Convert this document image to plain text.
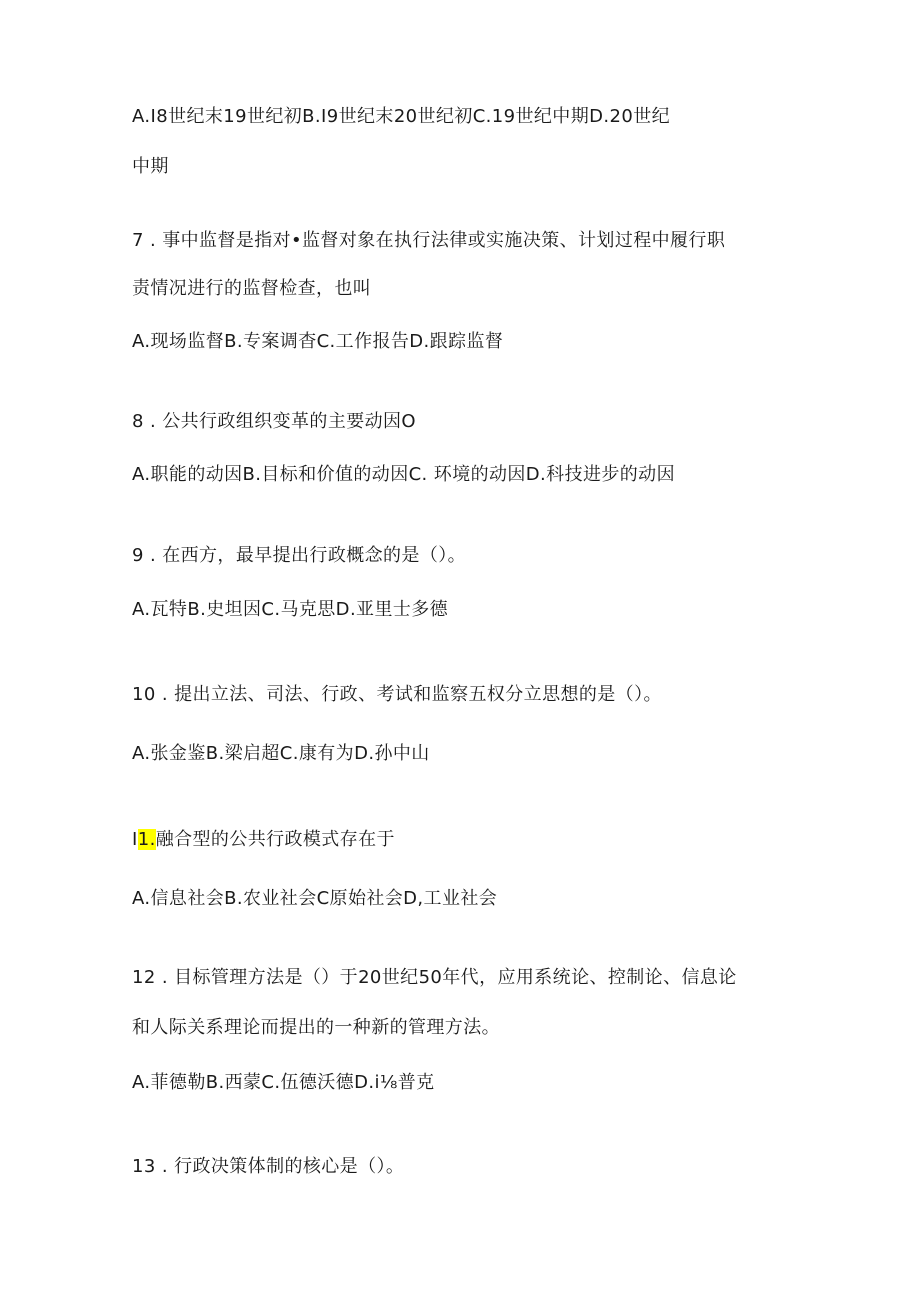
A.I8世纪末19世纪初B.I9世纪末20世纪初C.19世纪中期D.20世纪
中期
7 . 事中监督是指对•监督对象在执行法律或实施决策、计划过程中履行职
责情况进行的监督检查，也叫
A.现场监督B.专案调杳C.工作报告D.跟踪监督
8 . 公共行政组织变革的主要动因O
A.职能的动因B.目标和价值的动因C. 环境的动因D.科技进步的动因
9 . 在西方，最早提出行政概念的是（）。
A.瓦特B.史坦因C.马克思D.亚里士多德
10 . 提出立法、司法、行政、考试和监察五权分立思想的是（）。
A.张金鉴B.梁启超C.康有为D.孙中山
I1.融合型的公共行政模式存在于
A.信息社会B.农业社会C原始社会D,工业社会
12 . 目标管理方法是（）于20世纪50年代，应用系统论、控制论、信息论
和人际关系理论而提出的一种新的管理方法。
A.菲德勒B.西蒙C.伍德沃德D.i⅛普克
13 . 行政决策体制的核心是（）。
